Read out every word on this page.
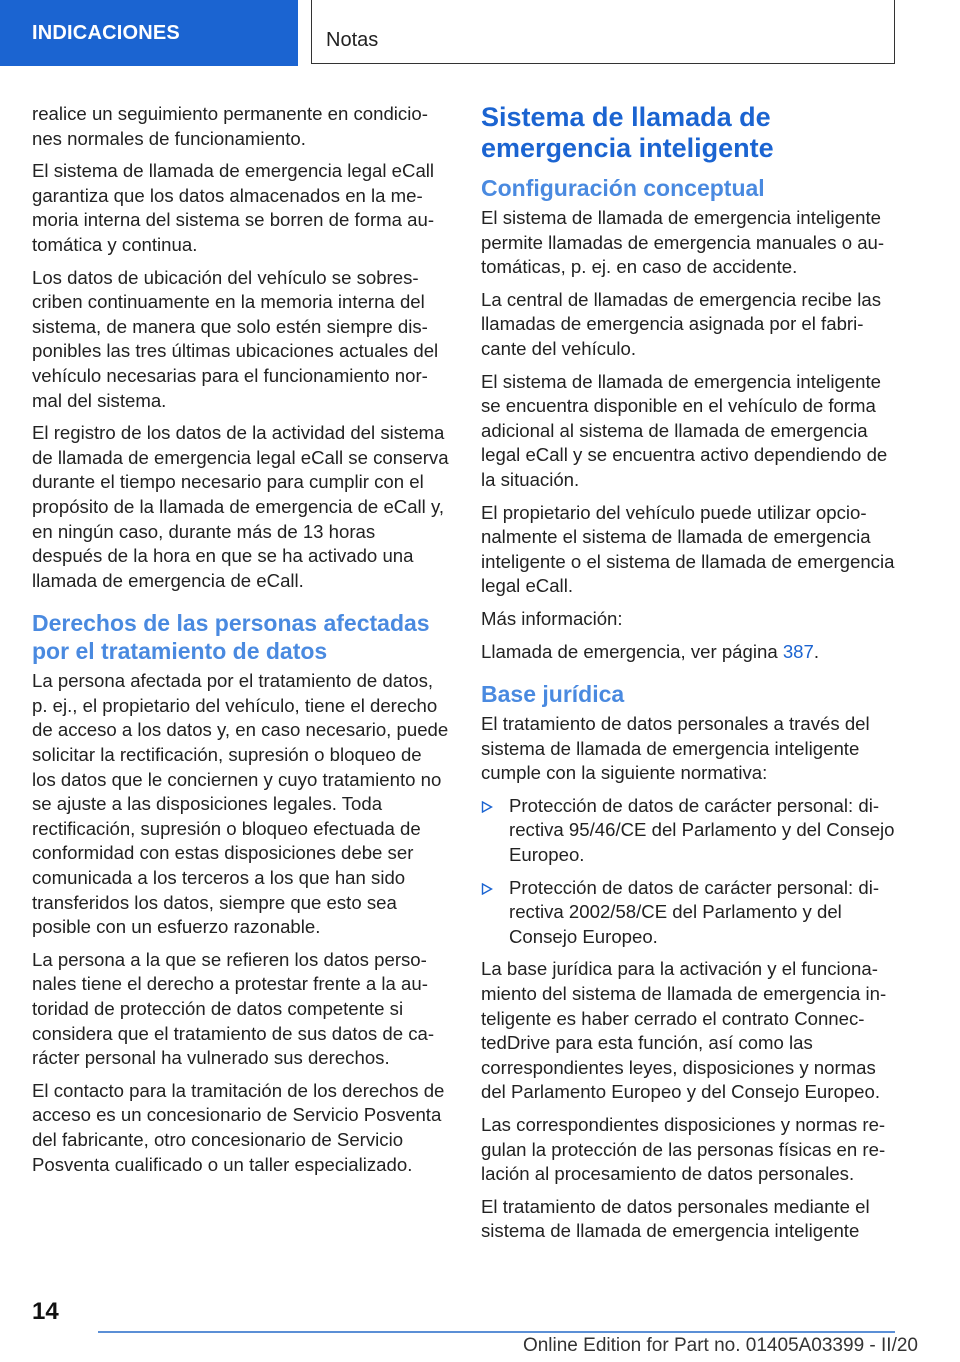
INDICACIONES	Notas

realice un seguimiento permanente en condiciones normales de funcionamiento.

El sistema de llamada de emergencia legal eCall garantiza que los datos almacenados en la memoria interna del sistema se borren de forma automática y continua.

Los datos de ubicación del vehículo se sobrescriben continuamente en la memoria interna del sistema, de manera que solo estén siempre disponibles las tres últimas ubicaciones actuales del vehículo necesarias para el funcionamiento normal del sistema.

El registro de los datos de la actividad del sistema de llamada de emergencia legal eCall se conserva durante el tiempo necesario para cumplir con el propósito de la llamada de emergencia de eCall y, en ningún caso, durante más de 13 horas después de la hora en que se ha activado una llamada de emergencia de eCall.

Derechos de las personas afectadas por el tratamiento de datos

La persona afectada por el tratamiento de datos, p. ej., el propietario del vehículo, tiene el derecho de acceso a los datos y, en caso necesario, puede solicitar la rectificación, supresión o bloqueo de los datos que le conciernen y cuyo tratamiento no se ajuste a las disposiciones legales. Toda rectificación, supresión o bloqueo efectuada de conformidad con estas disposiciones debe ser comunicada a los terceros a los que han sido transferidos los datos, siempre que esto sea posible con un esfuerzo razonable.

La persona a la que se refieren los datos personales tiene el derecho a protestar frente a la autoridad de protección de datos competente si considera que el tratamiento de sus datos de carácter personal ha vulnerado sus derechos.

El contacto para la tramitación de los derechos de acceso es un concesionario de Servicio Posventa del fabricante, otro concesionario de Servicio Posventa cualificado o un taller especializado.

Sistema de llamada de emergencia inteligente
Configuración conceptual

El sistema de llamada de emergencia inteligente permite llamadas de emergencia manuales o automáticas, p. ej. en caso de accidente.

La central de llamadas de emergencia recibe las llamadas de emergencia asignada por el fabricante del vehículo.

El sistema de llamada de emergencia inteligente se encuentra disponible en el vehículo de forma adicional al sistema de llamada de emergencia legal eCall y se encuentra activo dependiendo de la situación.

El propietario del vehículo puede utilizar opcionalmente el sistema de llamada de emergencia inteligente o el sistema de llamada de emergencia legal eCall.

Más información:

Llamada de emergencia, ver página 387.

Base jurídica

El tratamiento de datos personales a través del sistema de llamada de emergencia inteligente cumple con la siguiente normativa:

Protección de datos de carácter personal: directiva 95/46/CE del Parlamento y del Consejo Europeo.
Protección de datos de carácter personal: directiva 2002/58/CE del Parlamento y del Consejo Europeo.

La base jurídica para la activación y el funcionamiento del sistema de llamada de emergencia inteligente es haber cerrado el contrato ConnectedDrive para esta función, así como las correspondientes leyes, disposiciones y normas del Parlamento Europeo y del Consejo Europeo.

Las correspondientes disposiciones y normas regulan la protección de las personas físicas en relación al procesamiento de datos personales.

El tratamiento de datos personales mediante el sistema de llamada de emergencia inteligente

14
Online Edition for Part no. 01405A03399 - II/20
